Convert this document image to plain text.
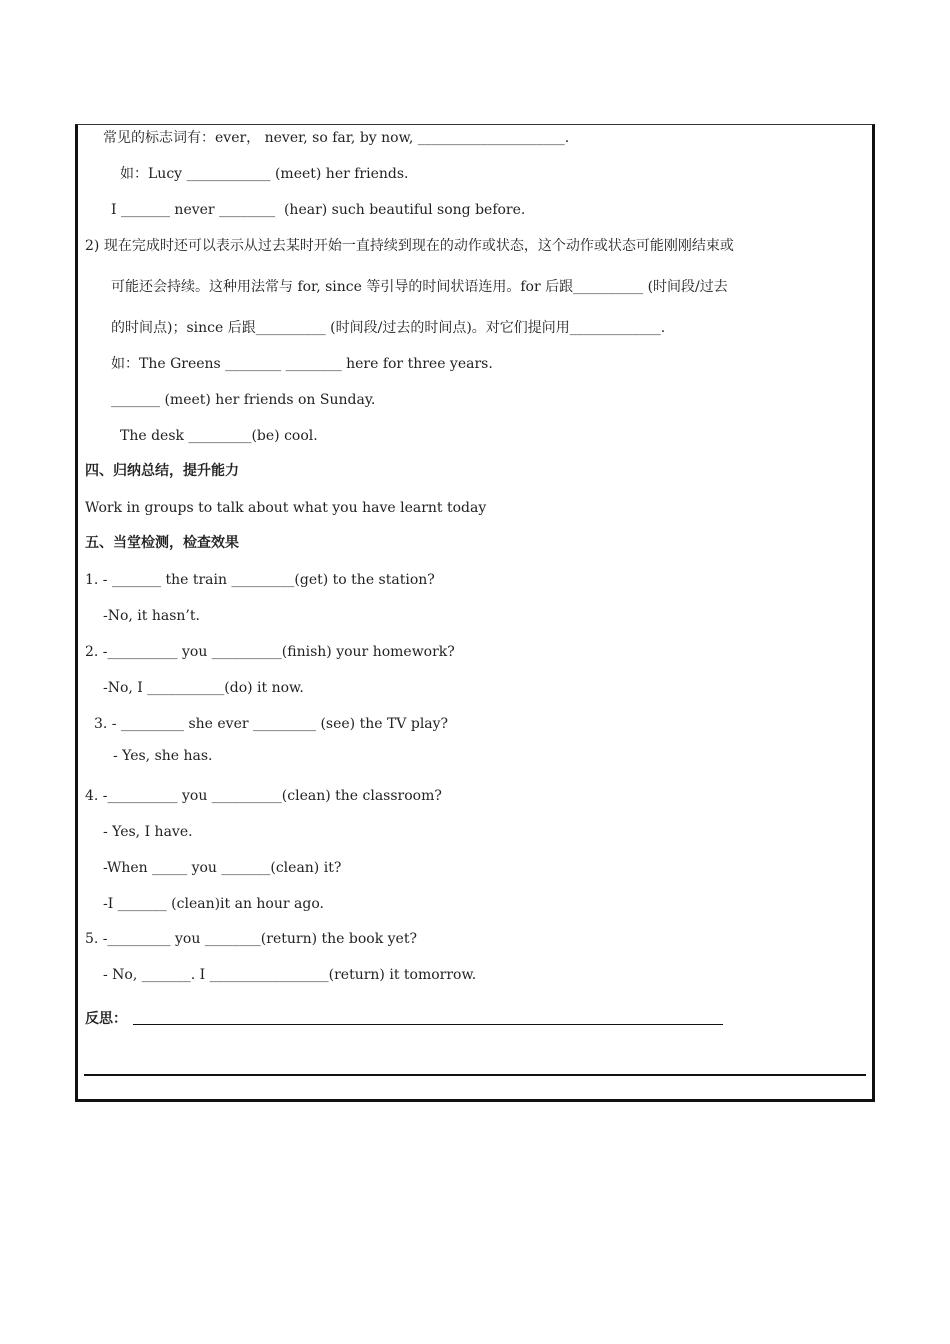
常见的标志词有：ever， never, so far, by now, _____________________.
如：Lucy ____________ (meet) her friends.
I _______ never ________  (hear) such beautiful song before.
2) 现在完成时还可以表示从过去某时开始一直持续到现在的动作或状态，这个动作或状态可能刚刚结束或
可能还会持续。这种用法常与 for, since 等引导的时间状语连用。for 后跟__________ (时间段/过去
的时间点)；since 后跟__________ (时间段/过去的时间点)。对它们提问用_____________.
如：The Greens ________ ________ here for three years.
_______ (meet) her friends on Sunday.
The desk _________(be) cool.
四、归纳总结，提升能力
Work in groups to talk about what you have learnt today
五、当堂检测，检查效果
1. - _______ the train _________(get) to the station?
-No, it hasn’t.
2. -__________ you __________(finish) your homework?
-No, I ___________(do) it now.
3. - _________ she ever _________ (see) the TV play?
- Yes, she has.
4. -__________ you __________(clean) the classroom?
- Yes, I have.
-When _____ you _______(clean) it?
-I _______ (clean)it an hour ago.
5. -_________ you ________(return) the book yet?
- No, _______. I _________________(return) it tomorrow.
反思：
